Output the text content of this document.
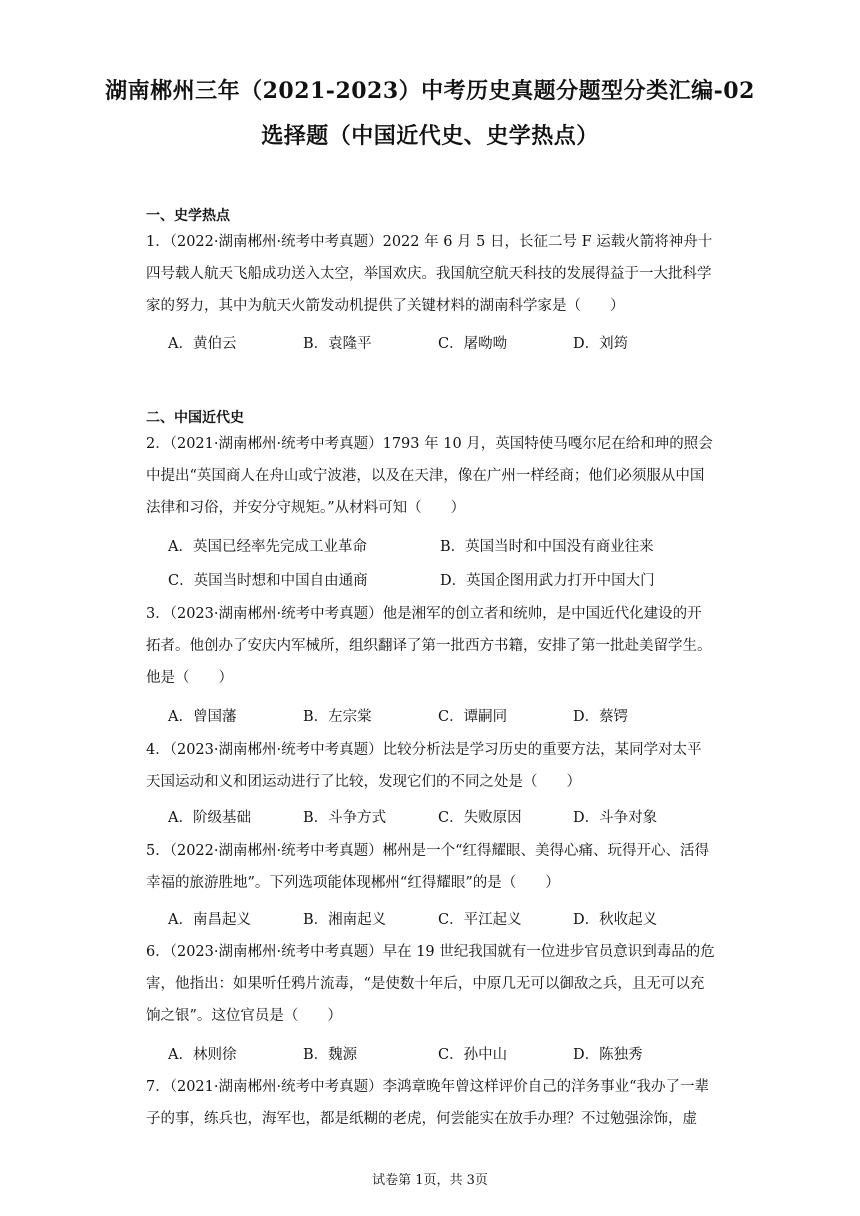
湖南郴州三年（2021-2023）中考历史真题分题型分类汇编-02
选择题（中国近代史、史学热点）
一、史学热点
1．（2022·湖南郴州·统考中考真题）2022 年 6 月 5 日，长征二号 F 运载火箭将神舟十四号载人航天飞船成功送入太空，举国欢庆。我国航空航天科技的发展得益于一大批科学家的努力，其中为航天火箭发动机提供了关键材料的湖南科学家是（　　）
A．黄伯云	B．袁隆平	C．屠呦呦	D．刘筠
二、中国近代史
2．（2021·湖南郴州·统考中考真题）1793 年 10 月，英国特使马嘎尔尼在给和珅的照会中提出“英国商人在舟山或宁波港，以及在天津，像在广州一样经商；他们必须服从中国法律和习俗，并安分守规矩。”从材料可知（　　）
A．英国已经率先完成工业革命	B．英国当时和中国没有商业往来
C．英国当时想和中国自由通商	D．英国企图用武力打开中国大门
3．（2023·湖南郴州·统考中考真题）他是湘军的创立者和统帅，是中国近代化建设的开拓者。他创办了安庆内军械所，组织翻译了第一批西方书籍，安排了第一批赴美留学生。他是（　　）
A．曾国藩	B．左宗棠	C．谭嗣同	D．蔡锷
4．（2023·湖南郴州·统考中考真题）比较分析法是学习历史的重要方法，某同学对太平天国运动和义和团运动进行了比较，发现它们的不同之处是（　　）
A．阶级基础	B．斗争方式	C．失败原因	D．斗争对象
5．（2022·湖南郴州·统考中考真题）郴州是一个“红得耀眼、美得心痛、玩得开心、活得幸福的旅游胜地”。下列选项能体现郴州“红得耀眼”的是（　　）
A．南昌起义	B．湘南起义	C．平江起义	D．秋收起义
6．（2023·湖南郴州·统考中考真题）早在 19 世纪我国就有一位进步官员意识到毒品的危害，他指出：如果听任鸦片流毒，“是使数十年后，中原几无可以御敌之兵，且无可以充饷之银”。这位官员是（　　）
A．林则徐	B．魏源	C．孙中山	D．陈独秀
7．（2021·湖南郴州·统考中考真题）李鸿章晚年曾这样评价自己的洋务事业“我办了一辈子的事，练兵也，海军也，都是纸糊的老虎，何尝能实在放手办理？不过勉强涂饰，虚
试卷第 1页，共 3页
